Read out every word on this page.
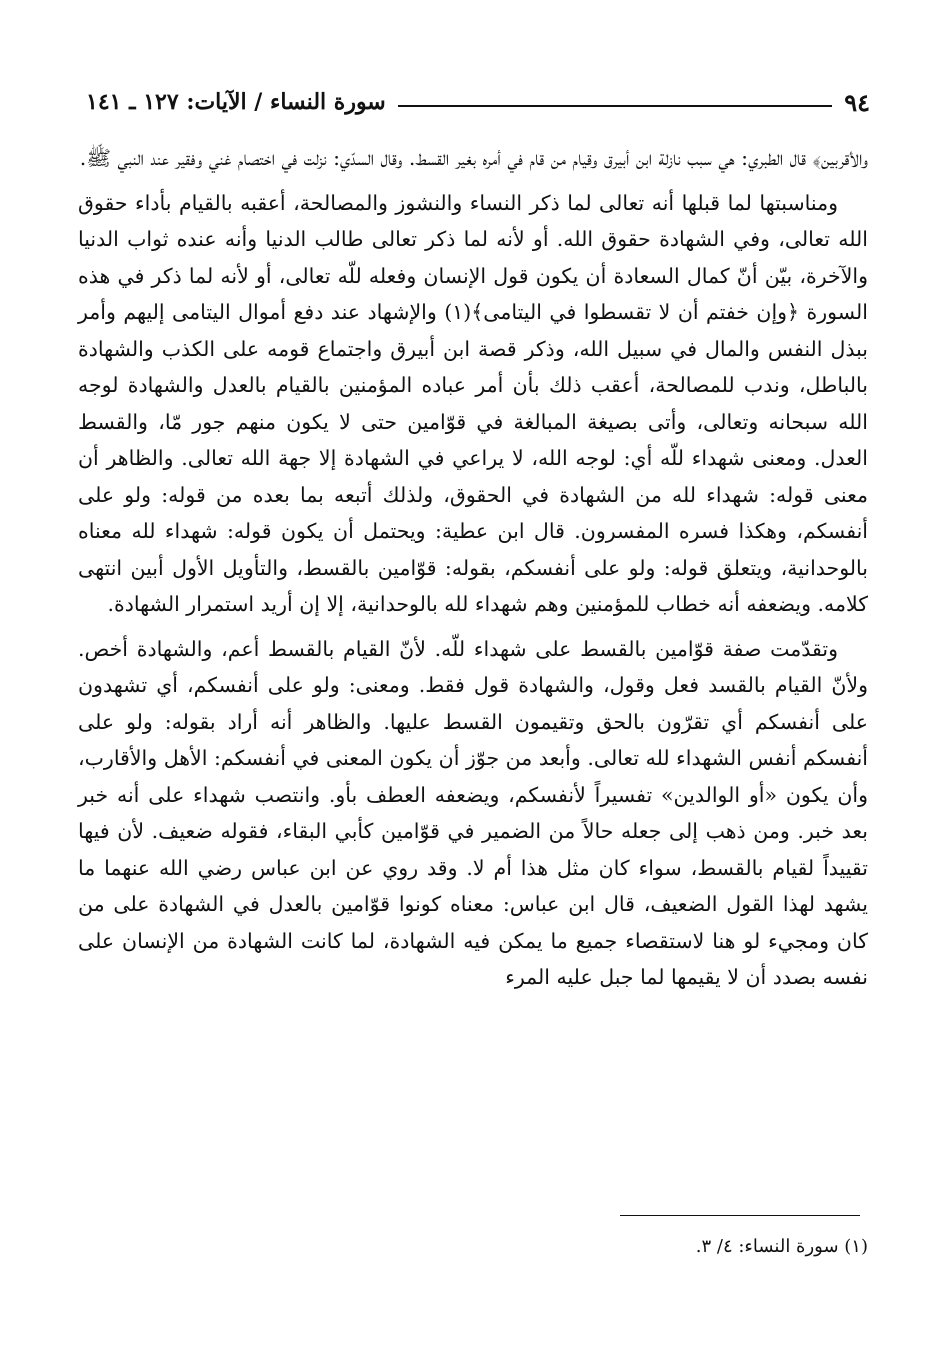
٩٤
سورة النساء / الآيات: ١٢٧ ـ ١٤١

والأقربين﴾ قال الطبري: هي سبب نازلة ابن أبيرق وقيام من قام في أمره بغير القسط. وقال السدّي: نزلت في اختصام غني وفقير عند النبي ﷺ.

ومناسبتها لما قبلها أنه تعالى لما ذكر النساء والنشوز والمصالحة، أعقبه بالقيام بأداء حقوق الله تعالى، وفي الشهادة حقوق الله. أو لأنه لما ذكر تعالى طالب الدنيا وأنه عنده ثواب الدنيا والآخرة، بيّن أنّ كمال السعادة أن يكون قول الإنسان وفعله للّه تعالى، أو لأنه لما ذكر في هذه السورة ﴿وإن خفتم أن لا تقسطوا في اليتامى﴾(١) والإشهاد عند دفع أموال اليتامى إليهم وأمر ببذل النفس والمال في سبيل الله، وذكر قصة ابن أبيرق واجتماع قومه على الكذب والشهادة بالباطل، وندب للمصالحة، أعقب ذلك بأن أمر عباده المؤمنين بالقيام بالعدل والشهادة لوجه الله سبحانه وتعالى، وأتى بصيغة المبالغة في قوّامين حتى لا يكون منهم جور مّا، والقسط العدل. ومعنى شهداء للّه أي: لوجه الله، لا يراعي في الشهادة إلا جهة الله تعالى. والظاهر أن معنى قوله: شهداء لله من الشهادة في الحقوق، ولذلك أتبعه بما بعده من قوله: ولو على أنفسكم، وهكذا فسره المفسرون. قال ابن عطية: ويحتمل أن يكون قوله: شهداء لله معناه بالوحدانية، ويتعلق قوله: ولو على أنفسكم، بقوله: قوّامين بالقسط، والتأويل الأول أبين انتهى كلامه. ويضعفه أنه خطاب للمؤمنين وهم شهداء لله بالوحدانية، إلا إن أريد استمرار الشهادة.

وتقدّمت صفة قوّامين بالقسط على شهداء للّه. لأنّ القيام بالقسط أعم، والشهادة أخص. ولأنّ القيام بالقسد فعل وقول، والشهادة قول فقط. ومعنى: ولو على أنفسكم، أي تشهدون على أنفسكم أي تقرّون بالحق وتقيمون القسط عليها. والظاهر أنه أراد بقوله: ولو على أنفسكم أنفس الشهداء لله تعالى. وأبعد من جوّز أن يكون المعنى في أنفسكم: الأهل والأقارب، وأن يكون «أو الوالدين» تفسيراً لأنفسكم، ويضعفه العطف بأو. وانتصب شهداء على أنه خبر بعد خبر. ومن ذهب إلى جعله حالاً من الضمير في قوّامين كأبي البقاء، فقوله ضعيف. لأن فيها تقييداً لقيام بالقسط، سواء كان مثل هذا أم لا. وقد روي عن ابن عباس رضي الله عنهما ما يشهد لهذا القول الضعيف، قال ابن عباس: معناه كونوا قوّامين بالعدل في الشهادة على من كان ومجيء لو هنا لاستقصاء جميع ما يمكن فيه الشهادة، لما كانت الشهادة من الإنسان على نفسه بصدد أن لا يقيمها لما جبل عليه المرء

(١) سورة النساء: ٤/ ٣.
